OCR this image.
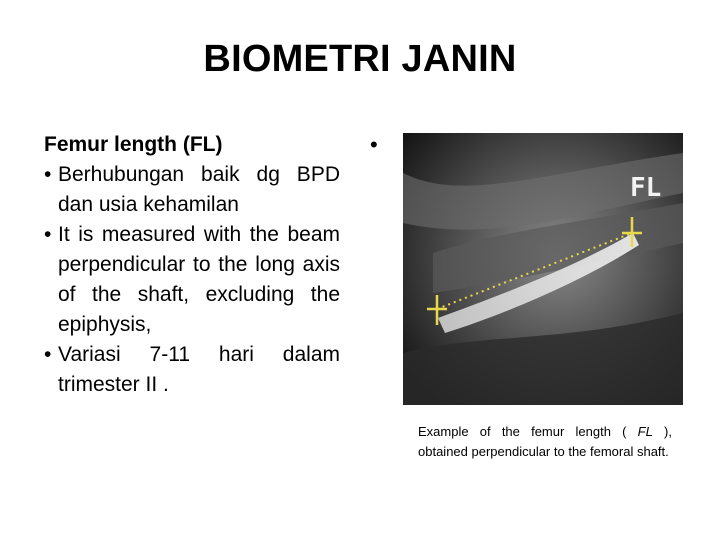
BIOMETRI JANIN
Femur length (FL)
• Berhubungan baik dg BPD dan usia kehamilan
• It is measured with the beam perpendicular to the long axis of the shaft, excluding the epiphysis,
• Variasi 7-11 hari dalam trimester II .
•
FL
Example of the femur length ( FL ), obtained perpendicular to the femoral shaft.
